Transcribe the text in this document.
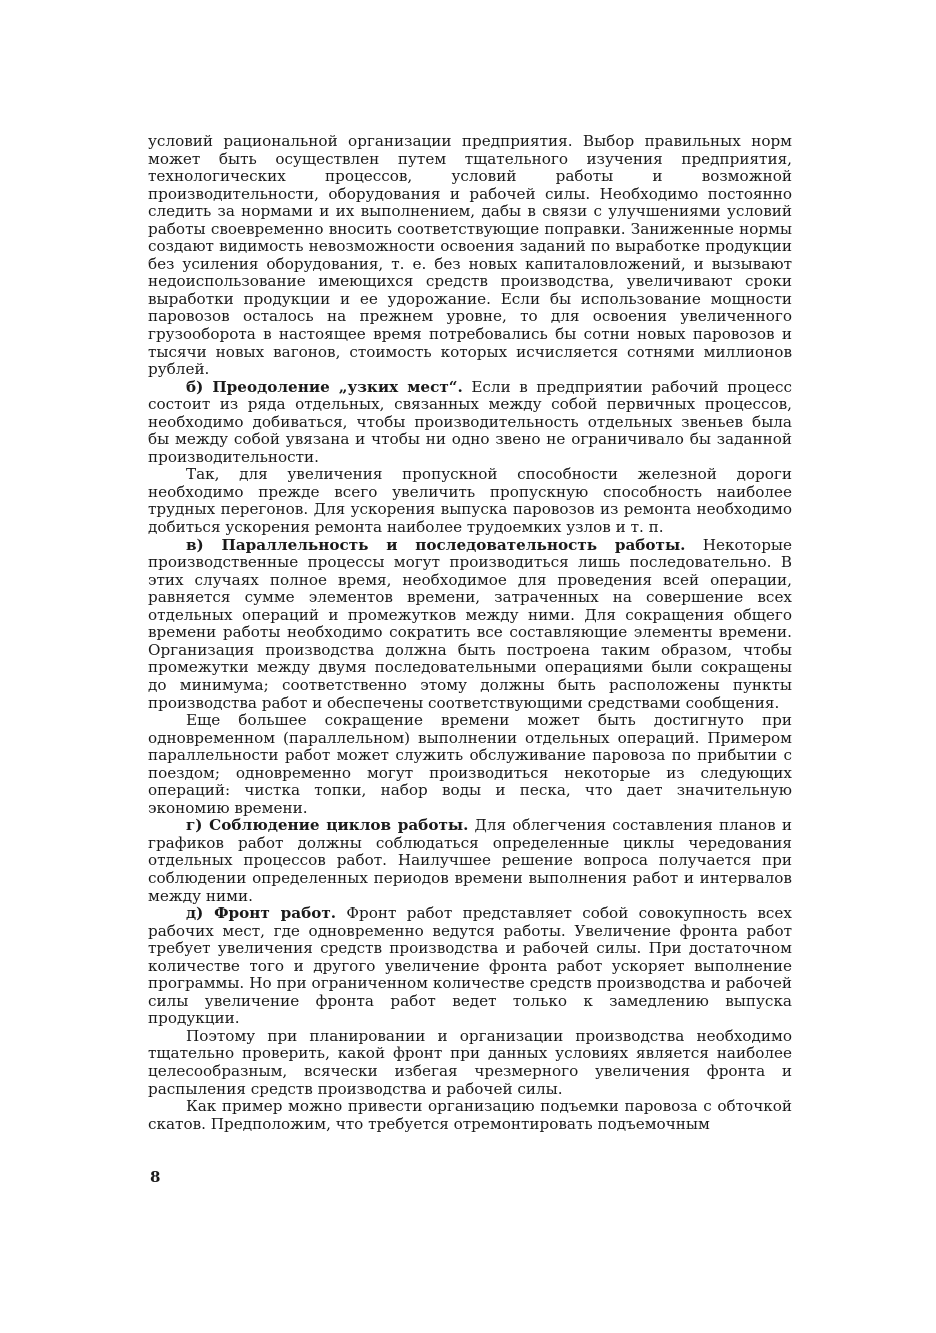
условий рациональной организации предприятия. Выбор правильных норм может быть осуществлен путем тщательного изучения предприятия, технологических процессов, условий работы и возможной производительности, оборудования и рабочей силы. Необходимо постоянно следить за нормами и их выполнением, дабы в связи с улучшениями условий работы своевременно вносить соответствующие поправки. Заниженные нормы создают видимость невозможности освоения заданий по выработке продукции без усиления оборудования, т. е. без новых капиталовложений, и вызывают недоиспользование имеющихся средств производства, увеличивают сроки выработки продукции и ее удорожание. Если бы использование мощности паровозов осталось на прежнем уровне, то для освоения увеличенного грузооборота в настоящее время потребовались бы сотни новых паровозов и тысячи новых вагонов, стоимость которых исчисляется сотнями миллионов рублей.

б) Преодоление „узких мест“. Если в предприятии рабочий процесс состоит из ряда отдельных, связанных между собой первичных процессов, необходимо добиваться, чтобы производительность отдельных звеньев была бы между собой увязана и чтобы ни одно звено не ограничивало бы заданной производительности.

Так, для увеличения пропускной способности железной дороги необходимо прежде всего увеличить пропускную способность наиболее трудных перегонов. Для ускорения выпуска паровозов из ремонта необходимо добиться ускорения ремонта наиболее трудоемких узлов и т. п.

в) Параллельность и последовательность работы. Некоторые производственные процессы могут производиться лишь последовательно. В этих случаях полное время, необходимое для проведения всей операции, равняется сумме элементов времени, затраченных на совершение всех отдельных операций и промежутков между ними. Для сокращения общего времени работы необходимо сократить все составляющие элементы времени. Организация производства должна быть построена таким образом, чтобы промежутки между двумя последовательными операциями были сокращены до минимума; соответственно этому должны быть расположены пункты производства работ и обеспечены соответствующими средствами сообщения.

Еще большее сокращение времени может быть достигнуто при одновременном (параллельном) выполнении отдельных операций. Примером параллельности работ может служить обслуживание паровоза по прибытии с поездом; одновременно могут производиться некоторые из следующих операций: чистка топки, набор воды и песка, что дает значительную экономию времени.

г) Соблюдение циклов работы. Для облегчения составления планов и графиков работ должны соблюдаться определенные циклы чередования отдельных процессов работ. Наилучшее решение вопроса получается при соблюдении определенных периодов времени выполнения работ и интервалов между ними.

д) Фронт работ. Фронт работ представляет собой совокупность всех рабочих мест, где одновременно ведутся работы. Увеличение фронта работ требует увеличения средств производства и рабочей силы. При достаточном количестве того и другого увеличение фронта работ ускоряет выполнение программы. Но при ограниченном количестве средств производства и рабочей силы увеличение фронта работ ведет только к замедлению выпуска продукции.

Поэтому при планировании и организации производства необходимо тщательно проверить, какой фронт при данных условиях является наиболее целесообразным, всячески избегая чрезмерного увеличения фронта и распыления средств производства и рабочей силы.

Как пример можно привести организацию подъемки паровоза с обточкой скатов. Предположим, что требуется отремонтировать подъемочным

8
